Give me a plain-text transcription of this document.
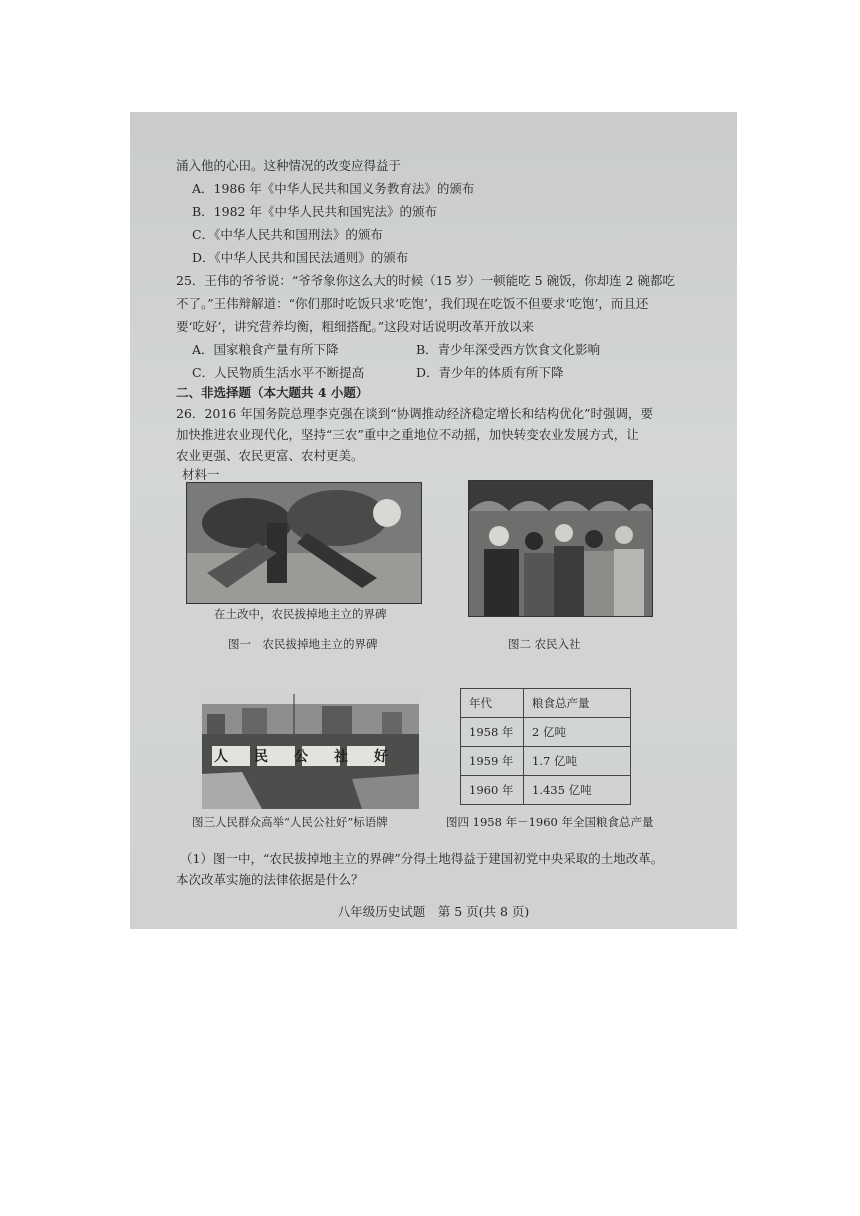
涌入他的心田。这种情况的改变应得益于
A．1986 年《中华人民共和国义务教育法》的颁布
B．1982 年《中华人民共和国宪法》的颁布
C．《中华人民共和国刑法》的颁布
D．《中华人民共和国民法通则》的颁布
25．王伟的爷爷说：“爷爷象你这么大的时候（15 岁）一顿能吃 5 碗饭，你却连 2 碗都吃
不了。”王伟辩解道：“你们那时吃饭只求‘吃饱’，我们现在吃饭不但要求‘吃饱’，而且还
要‘吃好’，讲究营养均衡，粗细搭配。”这段对话说明改革开放以来
A．国家粮食产量有所下降	B．青少年深受西方饮食文化影响
C．人民物质生活水平不断提高	D．青少年的体质有所下降
二、非选择题（本大题共 4 小题）
26．2016 年国务院总理李克强在谈到“协调推动经济稳定增长和结构优化”时强调，要
加快推进农业现代化，坚持“三农”重中之重地位不动摇，加快转变农业发展方式，让
农业更强、农民更富、农村更美。
材料一
在土改中，农民拔掉地主立的界碑
图一　农民拔掉地主立的界碑	图二 农民入社
人民公社好
图三人民群众高举“人民公社好”标语牌
年代	粮食总产量
1958 年	2 亿吨
1959 年	1.7 亿吨
1960 年	1.435 亿吨
图四 1958 年－1960 年全国粮食总产量
（1）图一中，“农民拔掉地主立的界碑”分得土地得益于建国初党中央采取的土地改革。
本次改革实施的法律依据是什么？
八年级历史试题　第 5 页(共 8 页)
